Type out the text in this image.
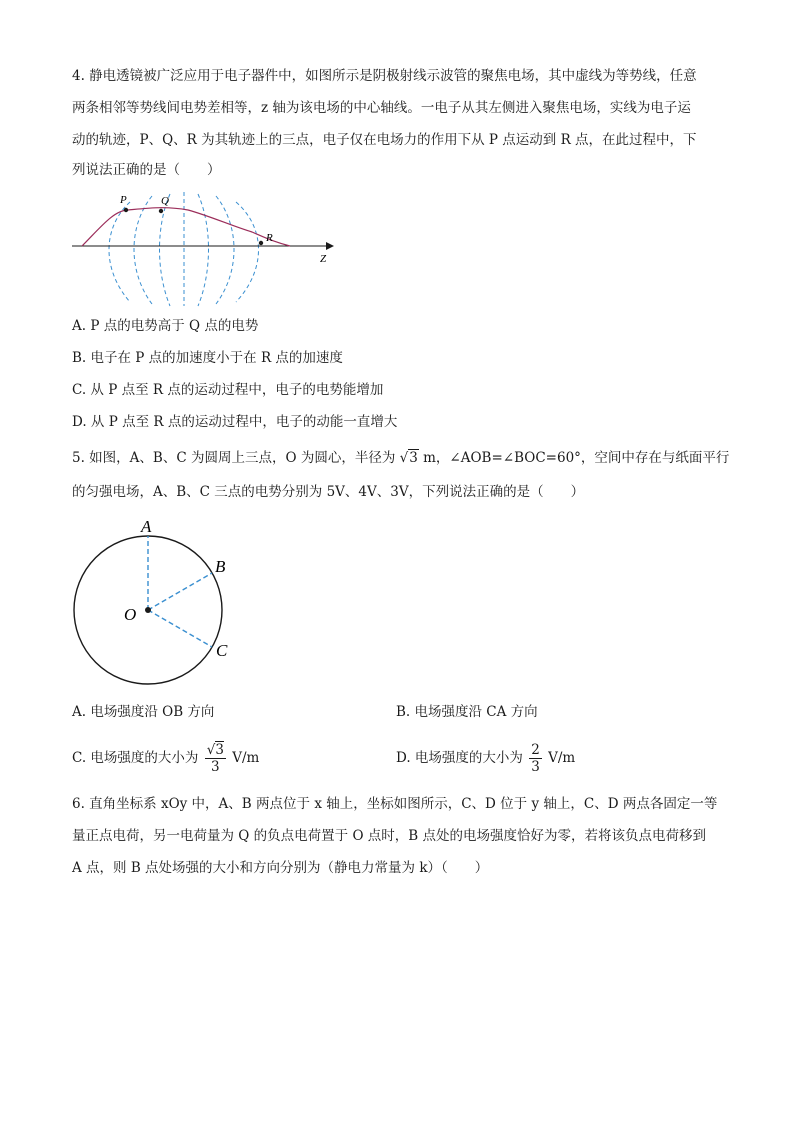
4. 静电透镜被广泛应用于电子器件中，如图所示是阴极射线示波管的聚焦电场，其中虚线为等势线，任意
两条相邻等势线间电势差相等，z 轴为该电场的中心轴线。一电子从其左侧进入聚焦电场，实线为电子运
动的轨迹，P、Q、R 为其轨迹上的三点，电子仅在电场力的作用下从 P 点运动到 R 点，在此过程中，下
列说法正确的是（　　）
P	Q
R
Z
A. P 点的电势高于 Q 点的电势
B. 电子在 P 点的加速度小于在 R 点的加速度
C. 从 P 点至 R 点的运动过程中，电子的电势能增加
D. 从 P 点至 R 点的运动过程中，电子的动能一直增大
5. 如图，A、B、C 为圆周上三点，O 为圆心，半径为 √3 m，∠AOB=∠BOC=60°，空间中存在与纸面平行
的匀强电场，A、B、C 三点的电势分别为 5V、4V、3V，下列说法正确的是（　　）
A
B
C
O
A. 电场强度沿 OB 方向	B. 电场强度沿 CA 方向
C. 电场强度的大小为 $\frac{√3}{3} V/m$	D. 电场强度的大小为 $\frac{2}{3} V/m$
6. 直角坐标系 xOy 中，A、B 两点位于 x 轴上，坐标如图所示，C、D 位于 y 轴上，C、D 两点各固定一等
量正点电荷，另一电荷量为 Q 的负点电荷置于 O 点时，B 点处的电场强度恰好为零，若将该负点电荷移到
A 点，则 B 点处场强的大小和方向分别为（静电力常量为 k）（　　）
